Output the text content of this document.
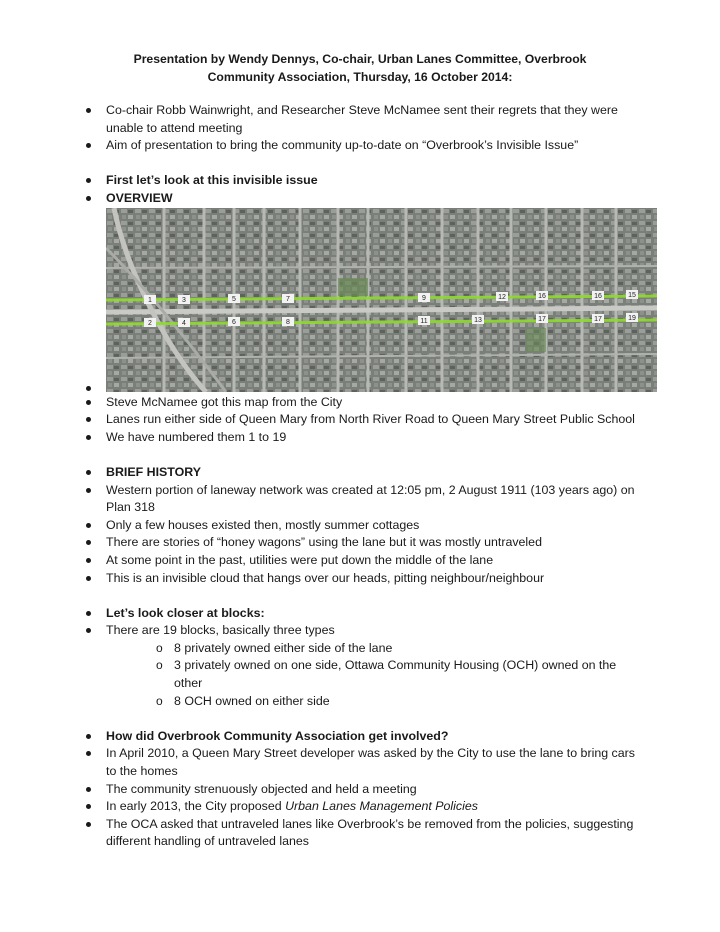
Presentation by Wendy Dennys, Co-chair, Urban Lanes Committee, Overbrook
Community Association, Thursday, 16 October 2014:
Co-chair Robb Wainwright, and Researcher Steve McNamee sent their regrets that they were unable to attend meeting
Aim of presentation to bring the community up-to-date on “Overbrook’s Invisible Issue”
First let’s look at this invisible issue
OVERVIEW
1	3	5	7	9	12	16	16	15
2	4	6	8	11	13	17	17	19
Steve McNamee got this map from the City
Lanes run either side of Queen Mary from North River Road to Queen Mary Street Public School
We have numbered them 1 to 19
BRIEF HISTORY
Western portion of laneway network was created at 12:05 pm, 2 August 1911 (103 years ago) on Plan 318
Only a few houses existed then, mostly summer cottages
There are stories of “honey wagons” using the lane but it was mostly untraveled
At some point in the past, utilities were put down the middle of the lane
This is an invisible cloud that hangs over our heads, pitting neighbour/neighbour
Let’s look closer at blocks:
There are 19 blocks, basically three types
o 8 privately owned either side of the lane
o 3 privately owned on one side, Ottawa Community Housing (OCH) owned on the other
o 8 OCH owned on either side
How did Overbrook Community Association get involved?
In April 2010, a Queen Mary Street developer was asked by the City to use the lane to bring cars to the homes
The community strenuously objected and held a meeting
In early 2013, the City proposed Urban Lanes Management Policies
The OCA asked that untraveled lanes like Overbrook’s be removed from the policies, suggesting different handling of untraveled lanes
